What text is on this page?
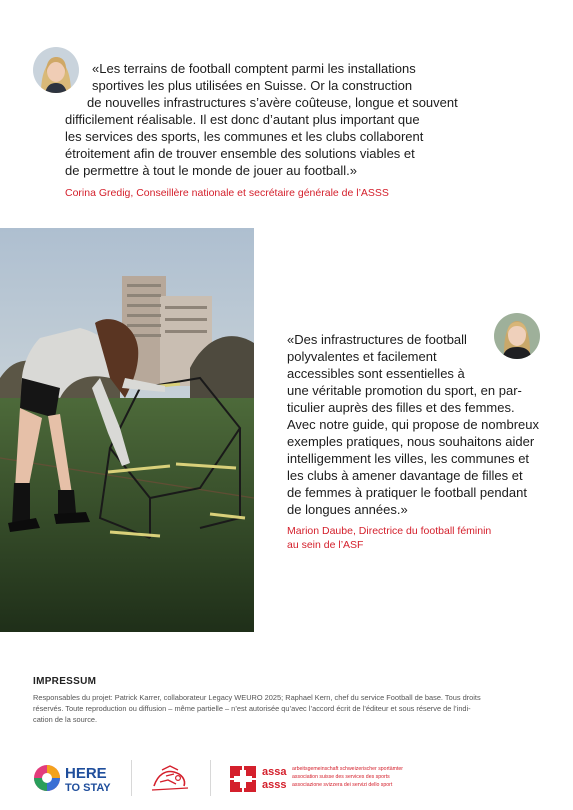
«Les terrains de football comptent parmi les installations
sportives les plus utilisées en Suisse. Or la construction
de nouvelles infrastructures s’avère coûteuse, longue et souvent
difficilement réalisable. Il est donc d’autant plus important que
les services des sports, les communes et les clubs collaborent
étroitement afin de trouver ensemble des solutions viables et
de permettre à tout le monde de jouer au football.»
Corina Gredig, Conseillère nationale et secrétaire générale de l’ASSS
«Des infrastructures de football
polyvalentes et facilement
accessibles sont essentielles à
une véritable promotion du sport, en par-
ticulier auprès des filles et des femmes.
Avec notre guide, qui propose de nombreux
exemples pratiques, nous souhaitons aider
intelligemment les villes, les communes et
les clubs à amener davantage de filles et
de femmes à pratiquer le football pendant
de longues années.»
Marion Daube, Directrice du football féminin
au sein de l’ASF
IMPRESSUM
Responsables du projet: Patrick Karrer, collaborateur Legacy WEURO 2025; Raphael Kern, chef du service Football de base. Tous droits
réservés. Toute reproduction ou diffusion – même partielle – n’est autorisée qu’avec l’accord écrit de l’éditeur et sous réserve de l’indi-
cation de la source.
HERE
TO STAY
assa
asss
arbeitsgemeinschaft schweizerischer sportämter
association suisse des services des sports
associazione svizzera dei servizi dello sport
